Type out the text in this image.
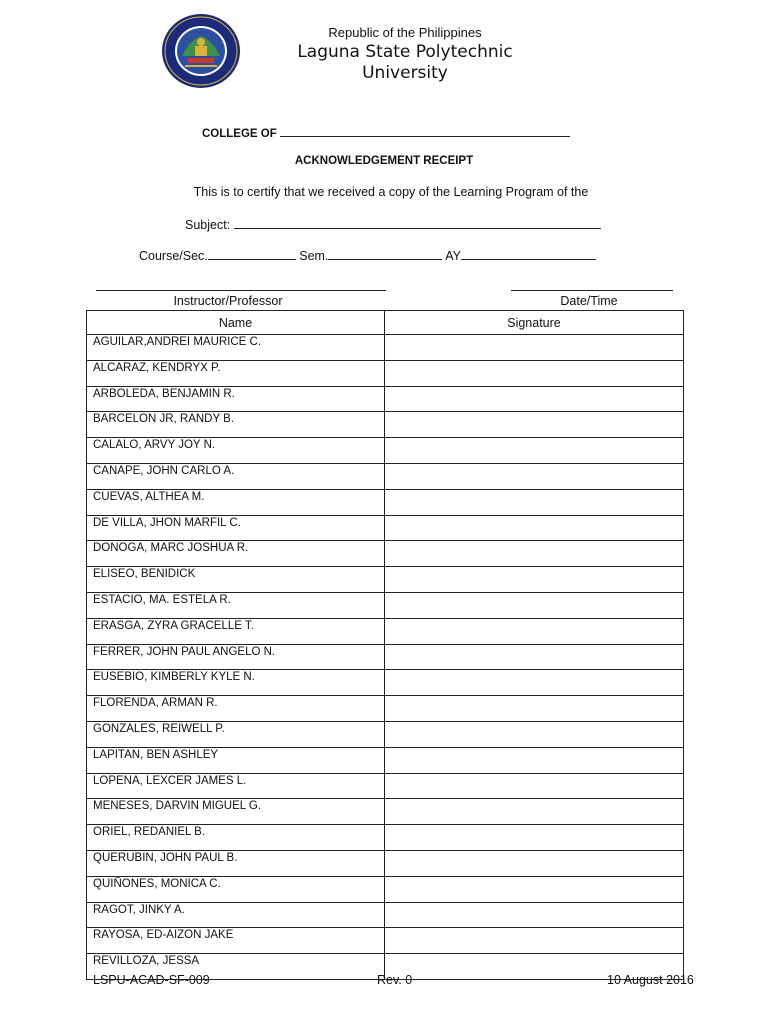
Republic of the Philippines
Laguna State Polytechnic
University
COLLEGE OF
ACKNOWLEDGEMENT RECEIPT
This is to certify that we received a copy of the Learning Program of the
Subject:
Course/Sec.	Sem.	AY
Instructor/Professor	Date/Time
Name	Signature
AGUILAR,ANDREI MAURICE C.	
ALCARAZ, KENDRYX P.	
ARBOLEDA, BENJAMIN R.	
BARCELON JR, RANDY B.	
CALALO, ARVY JOY N.	
CANAPE, JOHN CARLO A.	
CUEVAS, ALTHEA M.	
DE VILLA, JHON MARFIL C.	
DONOGA, MARC JOSHUA R.	
ELISEO, BENIDICK	
ESTACIO, MA. ESTELA R.	
ERASGA, ZYRA GRACELLE T.	
FERRER, JOHN PAUL ANGELO N.	
EUSEBIO, KIMBERLY KYLE N.	
FLORENDA, ARMAN R.	
GONZALES, REIWELL P.	
LAPITAN, BEN ASHLEY	
LOPENA, LEXCER JAMES L.	
MENESES, DARVIN MIGUEL G.	
ORIEL, REDANIEL B.	
QUERUBIN, JOHN PAUL B.	
QUIÑONES, MONICA C.	
RAGOT, JINKY A.	
RAYOSA, ED-AIZON JAKE	
REVILLOZA, JESSA	
LSPU-ACAD-SF-009	Rev. 0	10 August 2016
